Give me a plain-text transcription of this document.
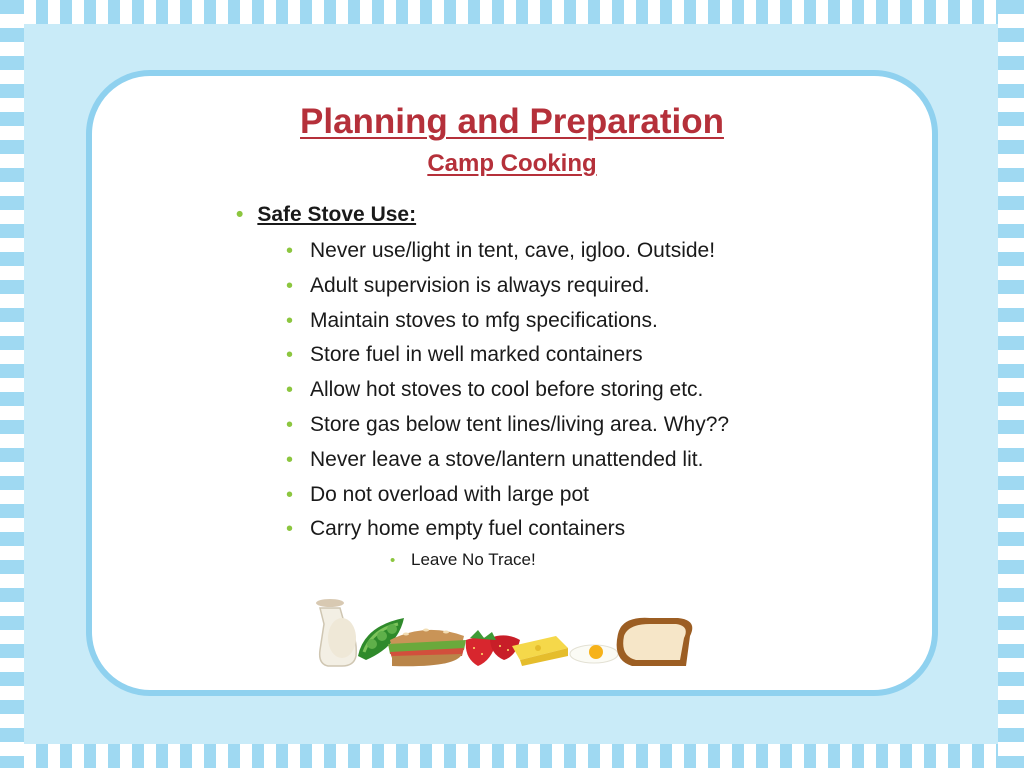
Planning and Preparation
Camp Cooking
• Safe Stove Use:
• Never use/light in tent, cave, igloo. Outside!
• Adult supervision is always required.
• Maintain stoves to mfg specifications.
• Store fuel in well marked containers
• Allow hot stoves to cool before storing etc.
• Store gas below tent lines/living area. Why??
• Never leave a stove/lantern unattended lit.
• Do not overload with large pot
• Carry home empty fuel containers
• Leave No Trace!
